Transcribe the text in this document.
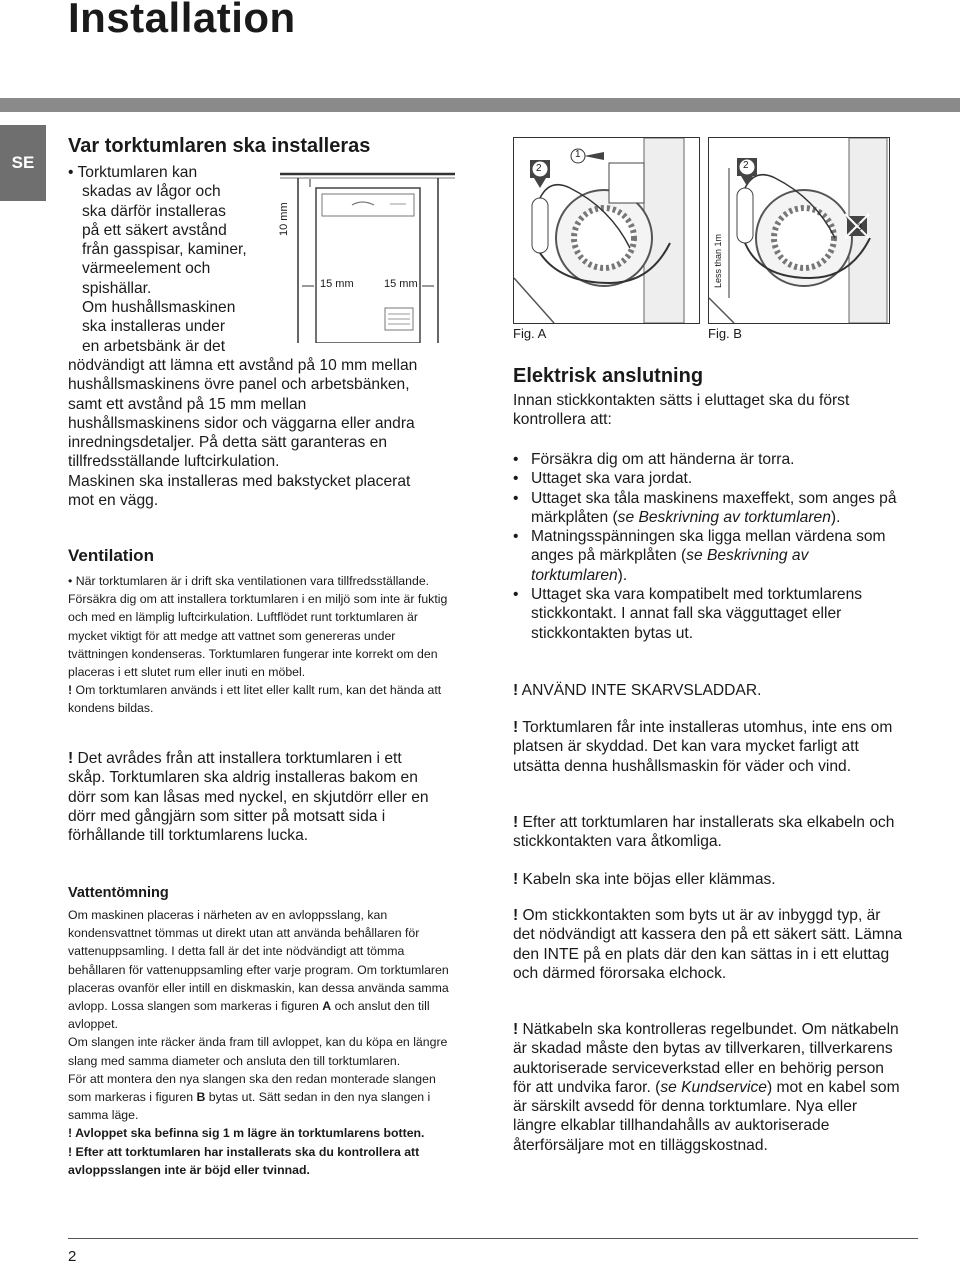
Installation
SE
Var torktumlaren ska installeras
• Torktumlaren kan
skadas av lågor och
ska därför installeras
på ett säkert avstånd
från gasspisar, kaminer,
värmeelement och
spishällar.
Om hushållsmaskinen
ska installeras under
en arbetsbänk är det
10 mm
15 mm	15 mm

nödvändigt att lämna ett avstånd på 10 mm mellan hushållsmaskinens övre panel och arbetsbänken, samt ett avstånd på 15 mm mellan hushållsmaskinens sidor och väggarna eller andra inredningsdetaljer. På detta sätt garanteras en tillfredsställande luftcirkulation.

Maskinen ska installeras med bakstycket placerat mot en vägg.

Ventilation

• När torktumlaren är i drift ska ventilationen vara tillfredsställande. Försäkra dig om att installera torktumlaren i en miljö som inte är fuktig och med en lämplig luftcirkulation. Luftflödet runt torktumlaren är mycket viktigt för att medge att vattnet som genereras under tvättningen kondenseras. Torktumlaren fungerar inte korrekt om den placeras i ett slutet rum eller inuti en möbel.

! Om torktumlaren används i ett litet eller kallt rum, kan det hända att kondens bildas.

! Det avrådes från att installera torktumlaren i ett skåp. Torktumlaren ska aldrig installeras bakom en dörr som kan låsas med nyckel, en skjutdörr eller en dörr med gångjärn som sitter på motsatt sida i förhållande till torktumlarens lucka.
Vattentömning

Om maskinen placeras i närheten av en avloppsslang, kan kondensvattnet tömmas ut direkt utan att använda behållaren för vattenuppsamling. I detta fall är det inte nödvändigt att tömma behållaren för vattenuppsamling efter varje program. Om torktumlaren placeras ovanför eller intill en diskmaskin, kan dessa använda samma avlopp. Lossa slangen som markeras i figuren A och anslut den till avloppet.

Om slangen inte räcker ända fram till avloppet, kan du köpa en längre slang med samma diameter och ansluta den till torktumlaren.

För att montera den nya slangen ska den redan monterade slangen som markeras i figuren B bytas ut. Sätt sedan in den nya slangen i samma läge.

! Avloppet ska befinna sig 1 m lägre än torktumlarens botten.

! Efter att torktumlaren har installerats ska du kontrollera att avloppsslangen inte är böjd eller tvinnad.

2
1
Fig. A
2
3
Less than 1m
Fig. B
Elektrisk anslutning
Innan stickkontakten sätts i eluttaget ska du först kontrollera att:
• Försäkra dig om att händerna är torra.
• Uttaget ska vara jordat.
• Uttaget ska tåla maskinens maxeffekt, som anges på märkplåten (se Beskrivning av torktumlaren).
• Matningsspänningen ska ligga mellan värdena som anges på märkplåten (se Beskrivning av torktumlaren).
• Uttaget ska vara kompatibelt med torktumlarens stickkontakt. I annat fall ska vägguttaget eller stickkontakten bytas ut.
! ANVÄND INTE SKARVSLADDAR.
! Torktumlaren får inte installeras utomhus, inte ens om platsen är skyddad. Det kan vara mycket farligt att utsätta denna hushållsmaskin för väder och vind.
! Efter att torktumlaren har installerats ska elkabeln och stickkontakten vara åtkomliga.
! Kabeln ska inte böjas eller klämmas.
! Om stickkontakten som byts ut är av inbyggd typ, är det nödvändigt att kassera den på ett säkert sätt. Lämna den INTE på en plats där den kan sättas in i ett eluttag och därmed förorsaka elchock.
! Nätkabeln ska kontrolleras regelbundet. Om nätkabeln är skadad måste den bytas av tillverkaren, tillverkarens auktoriserade serviceverkstad eller en behörig person för att undvika faror. (se Kundservice) mot en kabel som är särskilt avsedd för denna torktumlare. Nya eller längre elkablar tillhandahålls av auktoriserade återförsäljare mot en tilläggskostnad.
2
